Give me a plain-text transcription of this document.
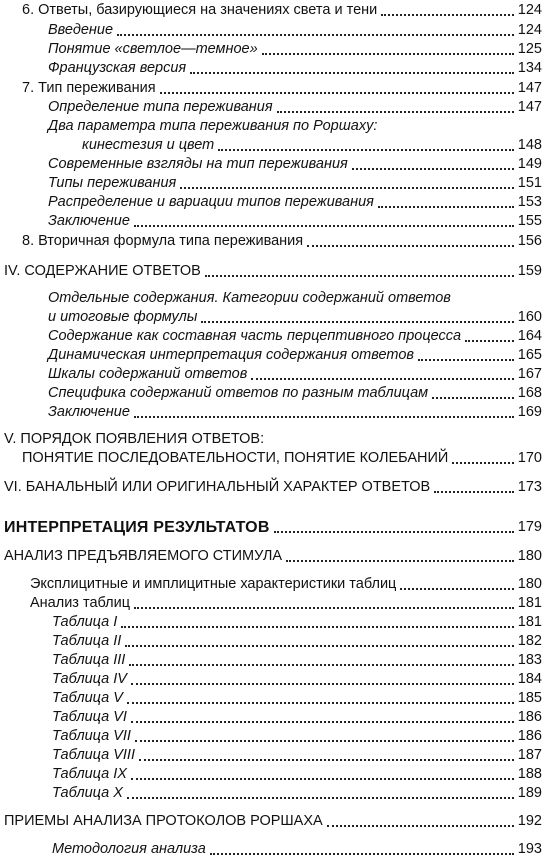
6. Ответы, базирующиеся на значениях света и тени	124
Введение	124
Понятие «светлое—темное»	125
Французская версия	134
7. Тип переживания	147
Определение типа переживания	147
Два параметра типа переживания по Роршаху:
кинестезия и цвет	148
Современные взгляды на тип переживания	149
Типы переживания	151
Распределение и вариации типов переживания	153
Заключение	155
8. Вторичная формула типа переживания	156
IV. СОДЕРЖАНИЕ ОТВЕТОВ	159
Отдельные содержания. Категории содержаний ответов
и итоговые формулы	160
Содержание как составная часть перцептивного процесса	164
Динамическая интерпретация содержания ответов	165
Шкалы содержаний ответов	167
Специфика содержаний ответов по разным таблицам	168
Заключение	169
V. ПОРЯДОК ПОЯВЛЕНИЯ ОТВЕТОВ:
ПОНЯТИЕ ПОСЛЕДОВАТЕЛЬНОСТИ, ПОНЯТИЕ КОЛЕБАНИЙ	170
VI. БАНАЛЬНЫЙ ИЛИ ОРИГИНАЛЬНЫЙ ХАРАКТЕР ОТВЕТОВ	173
ИНТЕРПРЕТАЦИЯ РЕЗУЛЬТАТОВ	179
АНАЛИЗ ПРЕДЪЯВЛЯЕМОГО СТИМУЛА	180
Эксплицитные и имплицитные характеристики таблиц	180
Анализ таблиц	181
Таблица I	181
Таблица II	182
Таблица III	183
Таблица IV	184
Таблица V	185
Таблица VI	186
Таблица VII	186
Таблица VIII	187
Таблица IX	188
Таблица X	189
ПРИЕМЫ АНАЛИЗА ПРОТОКОЛОВ РОРШАХА	192
Методология анализа	193
